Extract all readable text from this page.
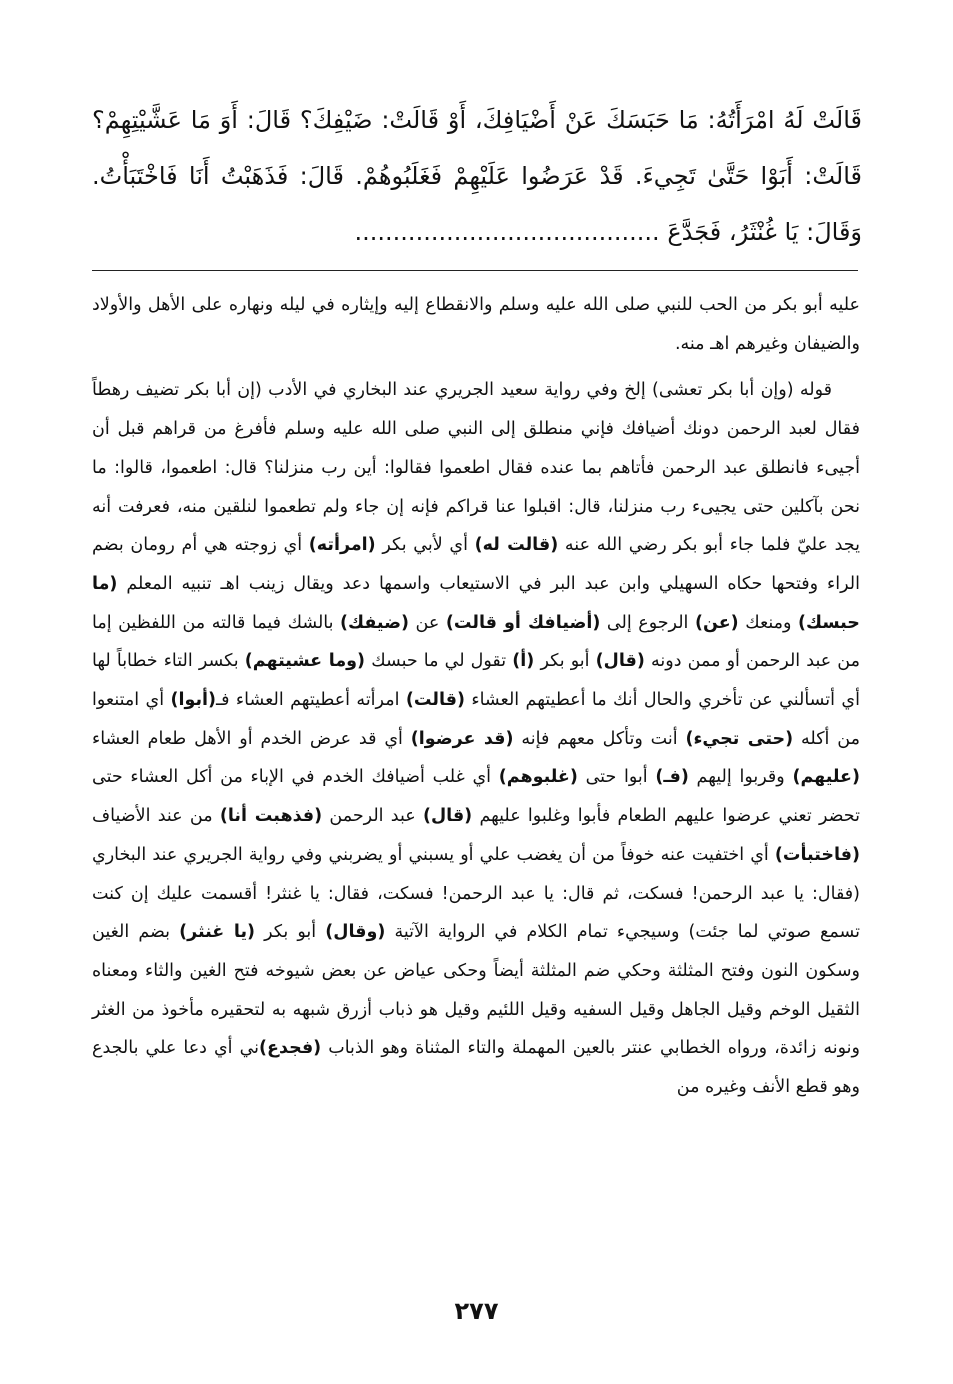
قَالَتْ لَهُ امْرَأَتُهُ: مَا حَبَسَكَ عَنْ أَضْيَافِكَ، أَوْ قَالَتْ: ضَيْفِكَ؟ قَالَ: أَوَ مَا عَشَّيْتِهِمْ؟
قَالَتْ: أَبَوْا حَتَّىٰ تَجِيءَ. قَدْ عَرَضُوا عَلَيْهِمْ فَغَلَبُوهُمْ. قَالَ: فَذَهَبْتُ أَنَا فَاخْتَبَأْتُ.
وَقَالَ: يَا غُنْثَرُ، فَجَدَّعَ ........................................

عليه أبو بكر من الحب للنبي صلى الله عليه وسلم والانقطاع إليه وإيثاره في ليله ونهاره على الأهل والأولاد والضيفان وغيرهم اهـ منه.

قوله (وإن أبا بكر تعشى) إلخ وفي رواية سعيد الجريري عند البخاري في الأدب (إن أبا بكر تضيف رهطاً فقال لعبد الرحمن دونك أضيافك فإني منطلق إلى النبي صلى الله عليه وسلم فأفرغ من قراهم قبل أن أجيىء فانطلق عبد الرحمن فأتاهم بما عنده فقال اطعموا فقالوا: أين رب منزلنا؟ قال: اطعموا، قالوا: ما نحن بآكلين حتى يجيىء رب منزلنا، قال: اقبلوا عنا قراكم فإنه إن جاء ولم تطعموا لنلقين منه، فعرفت أنه يجد عليّ فلما جاء أبو بكر رضي الله عنه (قالت له) أي لأبي بكر (امرأته) أي زوجته هي أم رومان بضم الراء وفتحها حكاه السهيلي وابن عبد البر في الاستيعاب واسمها دعد ويقال زينب اهـ تنبيه المعلم (ما حبسك) ومنعك (عن) الرجوع إلى (أضيافك أو قالت) عن (ضيفك) بالشك فيما قالته من اللفظين إما من عبد الرحمن أو ممن دونه (قال) أبو بكر (أ) تقول لي ما حبسك (وما عشيتهم) بكسر التاء خطاباً لها أي أتسألني عن تأخري والحال أنك ما أعطيتهم العشاء (قالت) امرأته أعطيتهم العشاء فـ(أبوا) أي امتنعوا من أكله (حتى تجيء) أنت وتأكل معهم فإنه (قد عرضوا) أي قد عرض الخدم أو الأهل طعام العشاء (عليهم) وقربوا إليهم (فـ) أبوا حتى (غلبوهم) أي غلب أضيافك الخدم في الإباء من أكل العشاء حتى تحضر تعني عرضوا عليهم الطعام فأبوا وغلبوا عليهم (قال) عبد الرحمن (فذهبت أنا) من عند الأضياف (فاختبأت) أي اختفيت عنه خوفاً من أن يغضب علي أو يسبني أو يضربني وفي رواية الجريري عند البخاري (فقال: يا عبد الرحمن! فسكت، ثم قال: يا عبد الرحمن! فسكت، فقال: يا غنثر! أقسمت عليك إن كنت تسمع صوتي لما جئت) وسيجيء تمام الكلام في الرواية الآتية (وقال) أبو بكر (يا غنثر) بضم الغين وسكون النون وفتح المثلثة وحكي ضم المثلثة أيضاً وحكى عياض عن بعض شيوخه فتح الغين والثاء ومعناه الثقيل الوخم وقيل الجاهل وقيل السفيه وقيل اللئيم وقيل هو ذباب أزرق شبهه به لتحقيره مأخوذ من الغثر ونونه زائدة، ورواه الخطابي عنتر بالعين المهملة والتاء المثناة وهو الذباب (فجدع)ني أي دعا علي بالجدع وهو قطع الأنف وغيره من

٢٧٧
